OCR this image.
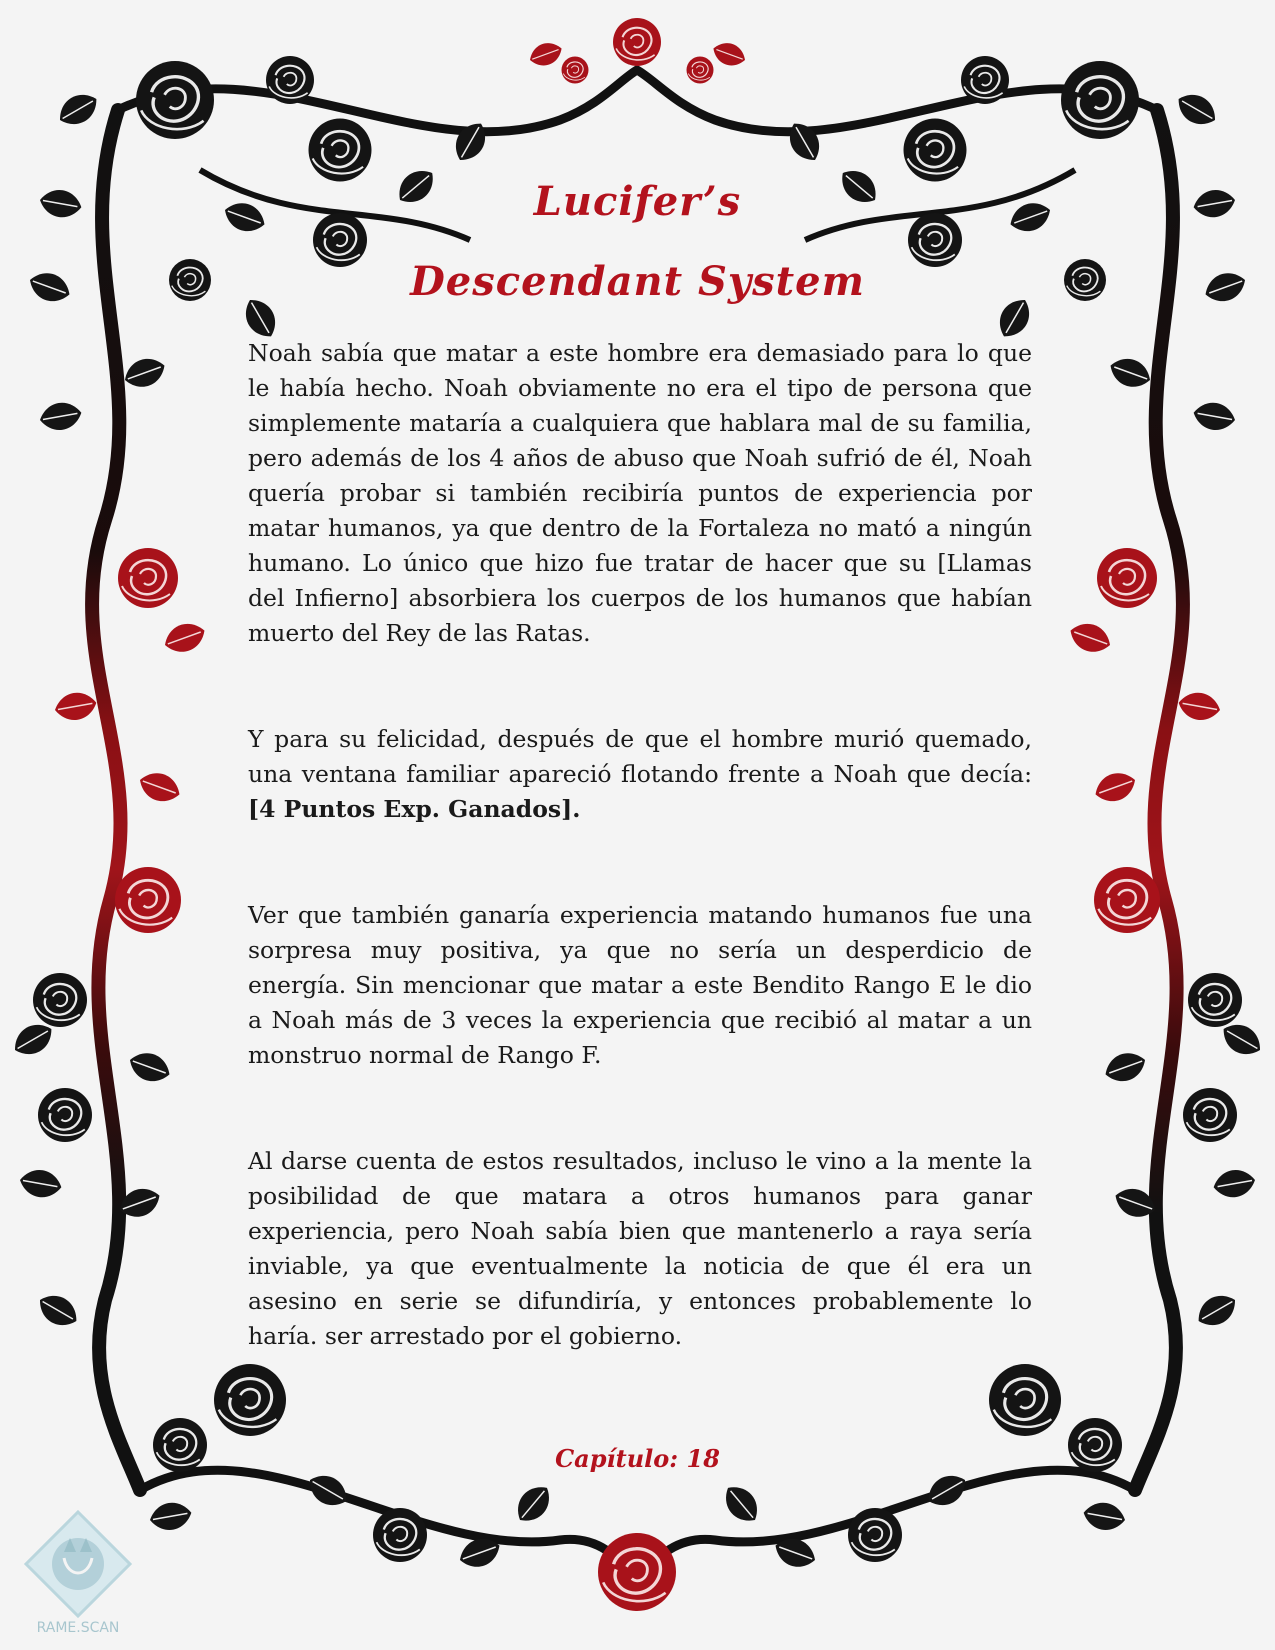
Lucifer’s
Descendant System

Noah sabía que matar a este hombre era demasiado para lo que le había hecho. Noah obviamente no era el tipo de persona que simplemente mataría a cualquiera que hablara mal de su familia, pero además de los 4 años de abuso que Noah sufrió de él, Noah quería probar si también recibiría puntos de experiencia por matar humanos, ya que dentro de la Fortaleza no mató a ningún humano. Lo único que hizo fue tratar de hacer que su [Llamas del Infierno] absorbiera los cuerpos de los humanos que habían muerto del Rey de las Ratas.

Y para su felicidad, después de que el hombre murió quemado, una ventana familiar apareció flotando frente a Noah que decía: [4 Puntos Exp. Ganados].

Ver que también ganaría experiencia matando humanos fue una sorpresa muy positiva, ya que no sería un desperdicio de energía. Sin mencionar que matar a este Bendito Rango E le dio a Noah más de 3 veces la experiencia que recibió al matar a un monstruo normal de Rango F.

Al darse cuenta de estos resultados, incluso le vino a la mente la posibilidad de que matara a otros humanos para ganar experiencia, pero Noah sabía bien que mantenerlo a raya sería inviable, ya que eventualmente la noticia de que él era un asesino en serie se difundiría, y entonces probablemente lo haría. ser arrestado por el gobierno.

Capítulo: 18
RAME.SCAN
